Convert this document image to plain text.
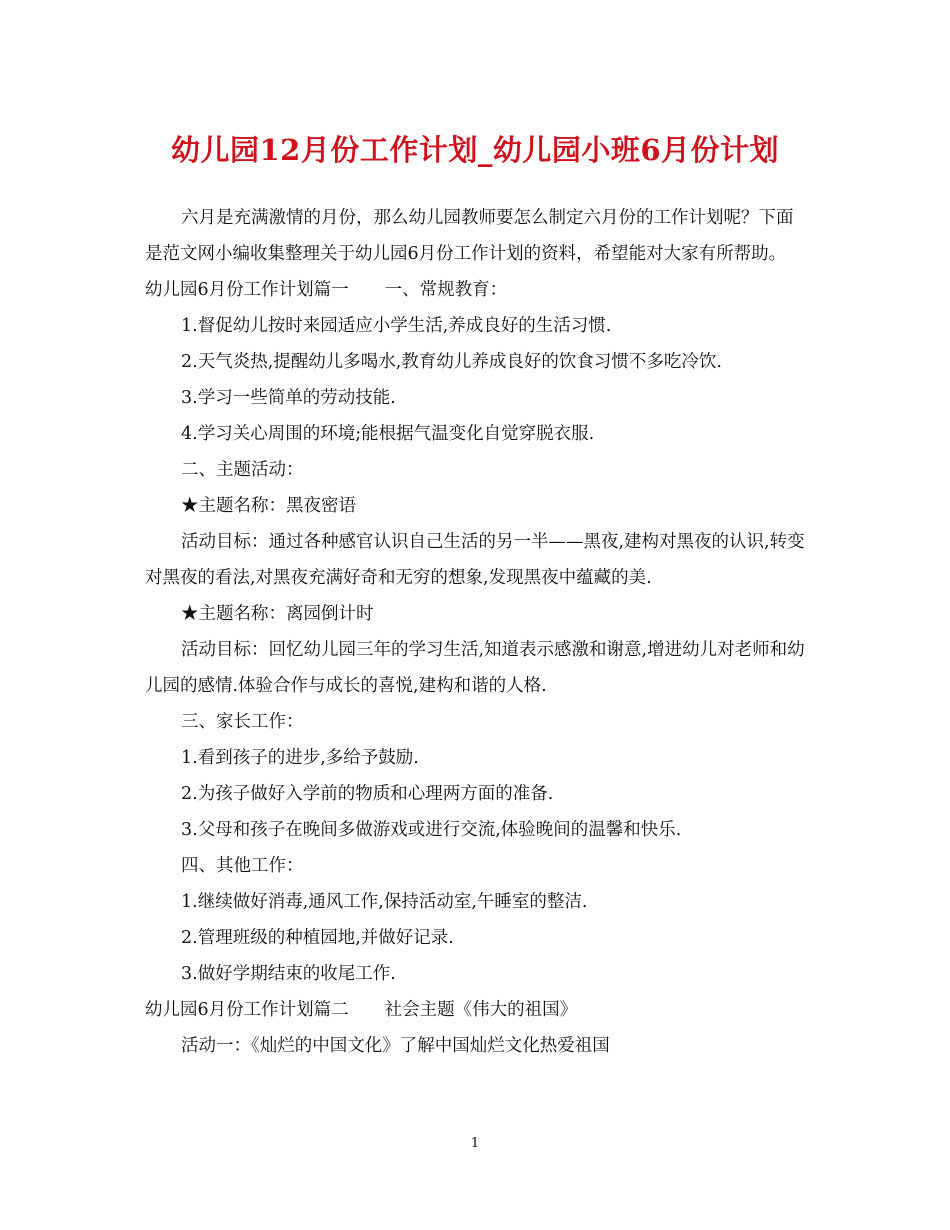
幼儿园12月份工作计划_幼儿园小班6月份计划

六月是充满激情的月份，那么幼儿园教师要怎么制定六月份的工作计划呢？下面是范文网小编收集整理关于幼儿园6月份工作计划的资料，希望能对大家有所帮助。

幼儿园6月份工作计划篇一 一、常规教育：
1.督促幼儿按时来园适应小学生活,养成良好的生活习惯.
2.天气炎热,提醒幼儿多喝水,教育幼儿养成良好的饮食习惯不多吃冷饮.
3.学习一些简单的劳动技能.
4.学习关心周围的环境;能根据气温变化自觉穿脱衣服.
二、主题活动：
★主题名称：黑夜密语

活动目标：通过各种感官认识自己生活的另一半——黑夜,建构对黑夜的认识,转变对黑夜的看法,对黑夜充满好奇和无穷的想象,发现黑夜中蕴藏的美.

★主题名称：离园倒计时

活动目标：回忆幼儿园三年的学习生活,知道表示感激和谢意,增进幼儿对老师和幼儿园的感情.体验合作与成长的喜悦,建构和谐的人格.

三、家长工作：
1.看到孩子的进步,多给予鼓励.
2.为孩子做好入学前的物质和心理两方面的准备.
3.父母和孩子在晚间多做游戏或进行交流,体验晚间的温馨和快乐.
四、其他工作：
1.继续做好消毒,通风工作,保持活动室,午睡室的整洁.
2.管理班级的种植园地,并做好记录.
3.做好学期结束的收尾工作.
幼儿园6月份工作计划篇二 社会主题《伟大的祖国》
活动一：《灿烂的中国文化》了解中国灿烂文化热爱祖国
1
